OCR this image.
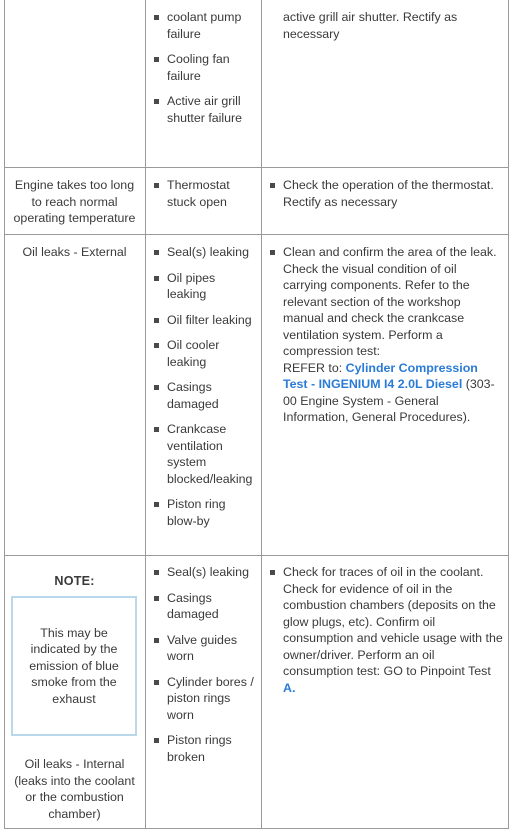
coolant pump failure
Cooling fan failure
Active air grill shutter failure
active grill air shutter. Rectify as necessary
Engine takes too long to reach normal operating temperature
Thermostat stuck open
Check the operation of the thermostat. Rectify as necessary
Oil leaks - External	Seal(s) leaking
Oil pipes leaking
Oil filter leaking
Oil cooler leaking
Casings damaged
Crankcase ventilation system blocked/leaking
Piston ring blow-by
Clean and confirm the area of the leak. Check the visual condition of oil carrying components. Refer to the relevant section of the workshop manual and check the crankcase ventilation system. Perform a compression test:
REFER to: Cylinder Compression Test - INGENIUM I4 2.0L Diesel (303-00 Engine System - General Information, General Procedures).
NOTE:
This may be indicated by the emission of blue smoke from the exhaust
Oil leaks - Internal (leaks into the coolant or the combustion chamber)
Seal(s) leaking
Casings damaged
Valve guides worn
Cylinder bores / piston rings worn
Piston rings broken
Check for traces of oil in the coolant. Check for evidence of oil in the combustion chambers (deposits on the glow plugs, etc). Confirm oil consumption and vehicle usage with the owner/driver. Perform an oil consumption test: GO to Pinpoint Test A.
